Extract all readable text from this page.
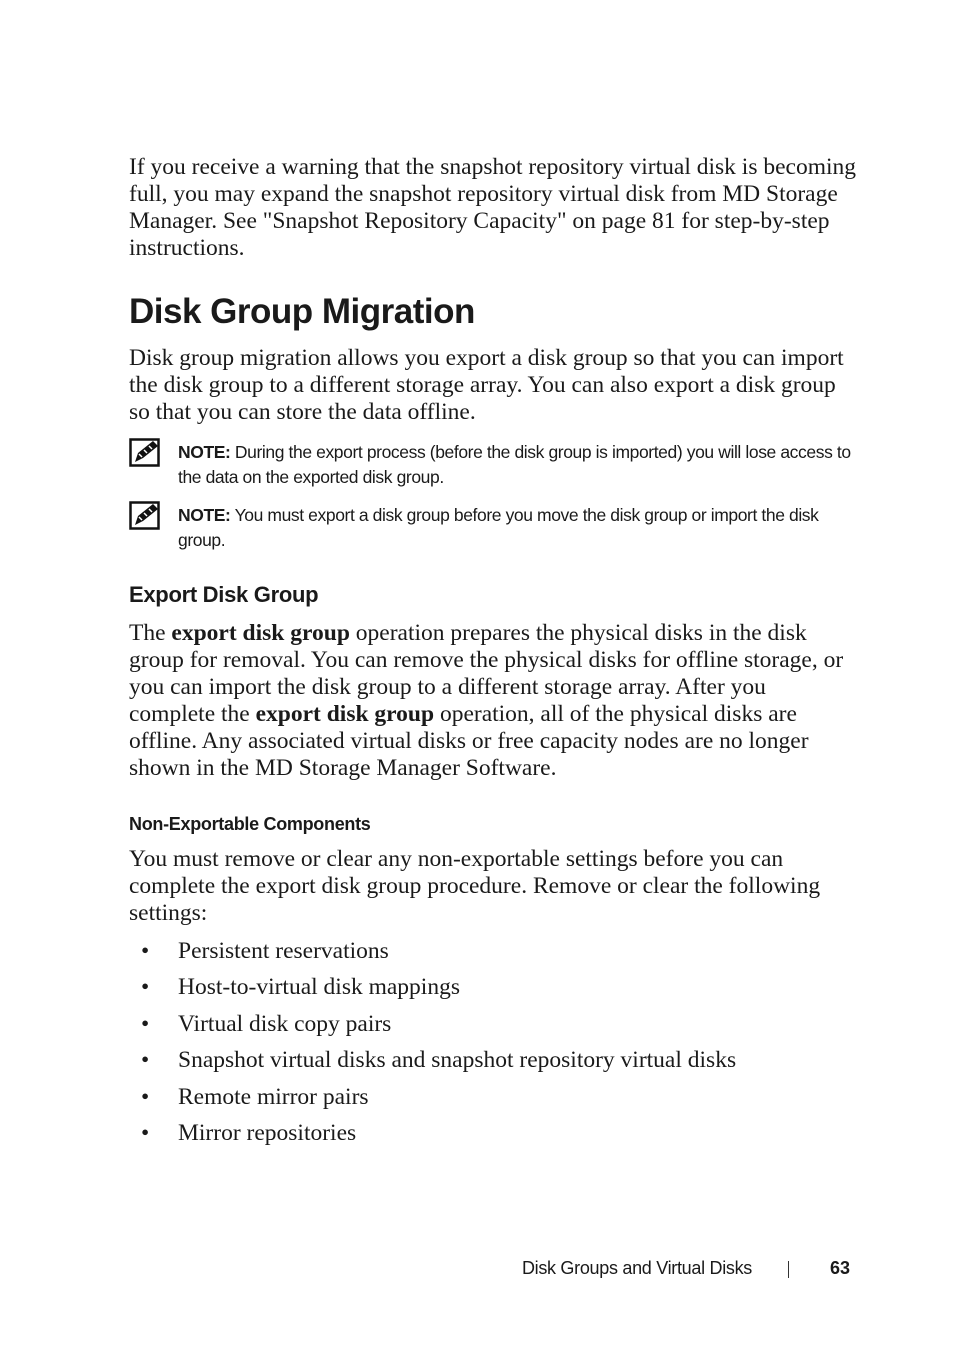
If you receive a warning that the snapshot repository virtual disk is becoming full, you may expand the snapshot repository virtual disk from MD Storage Manager. See "Snapshot Repository Capacity" on page 81 for step-by-step instructions.

Disk Group Migration

Disk group migration allows you export a disk group so that you can import the disk group to a different storage array. You can also export a disk group so that you can store the data offline.

NOTE: During the export process (before the disk group is imported) you will lose access to the data on the exported disk group.
NOTE: You must export a disk group before you move the disk group or import the disk group.
Export Disk Group

The export disk group operation prepares the physical disks in the disk group for removal. You can remove the physical disks for offline storage, or you can import the disk group to a different storage array. After you complete the export disk group operation, all of the physical disks are offline. Any associated virtual disks or free capacity nodes are no longer shown in the MD Storage Manager Software.

Non-Exportable Components

You must remove or clear any non-exportable settings before you can complete the export disk group procedure. Remove or clear the following settings:

• Persistent reservations
• Host-to-virtual disk mappings
• Virtual disk copy pairs
• Snapshot virtual disks and snapshot repository virtual disks
• Remote mirror pairs
• Mirror repositories
Disk Groups and Virtual Disks	63
